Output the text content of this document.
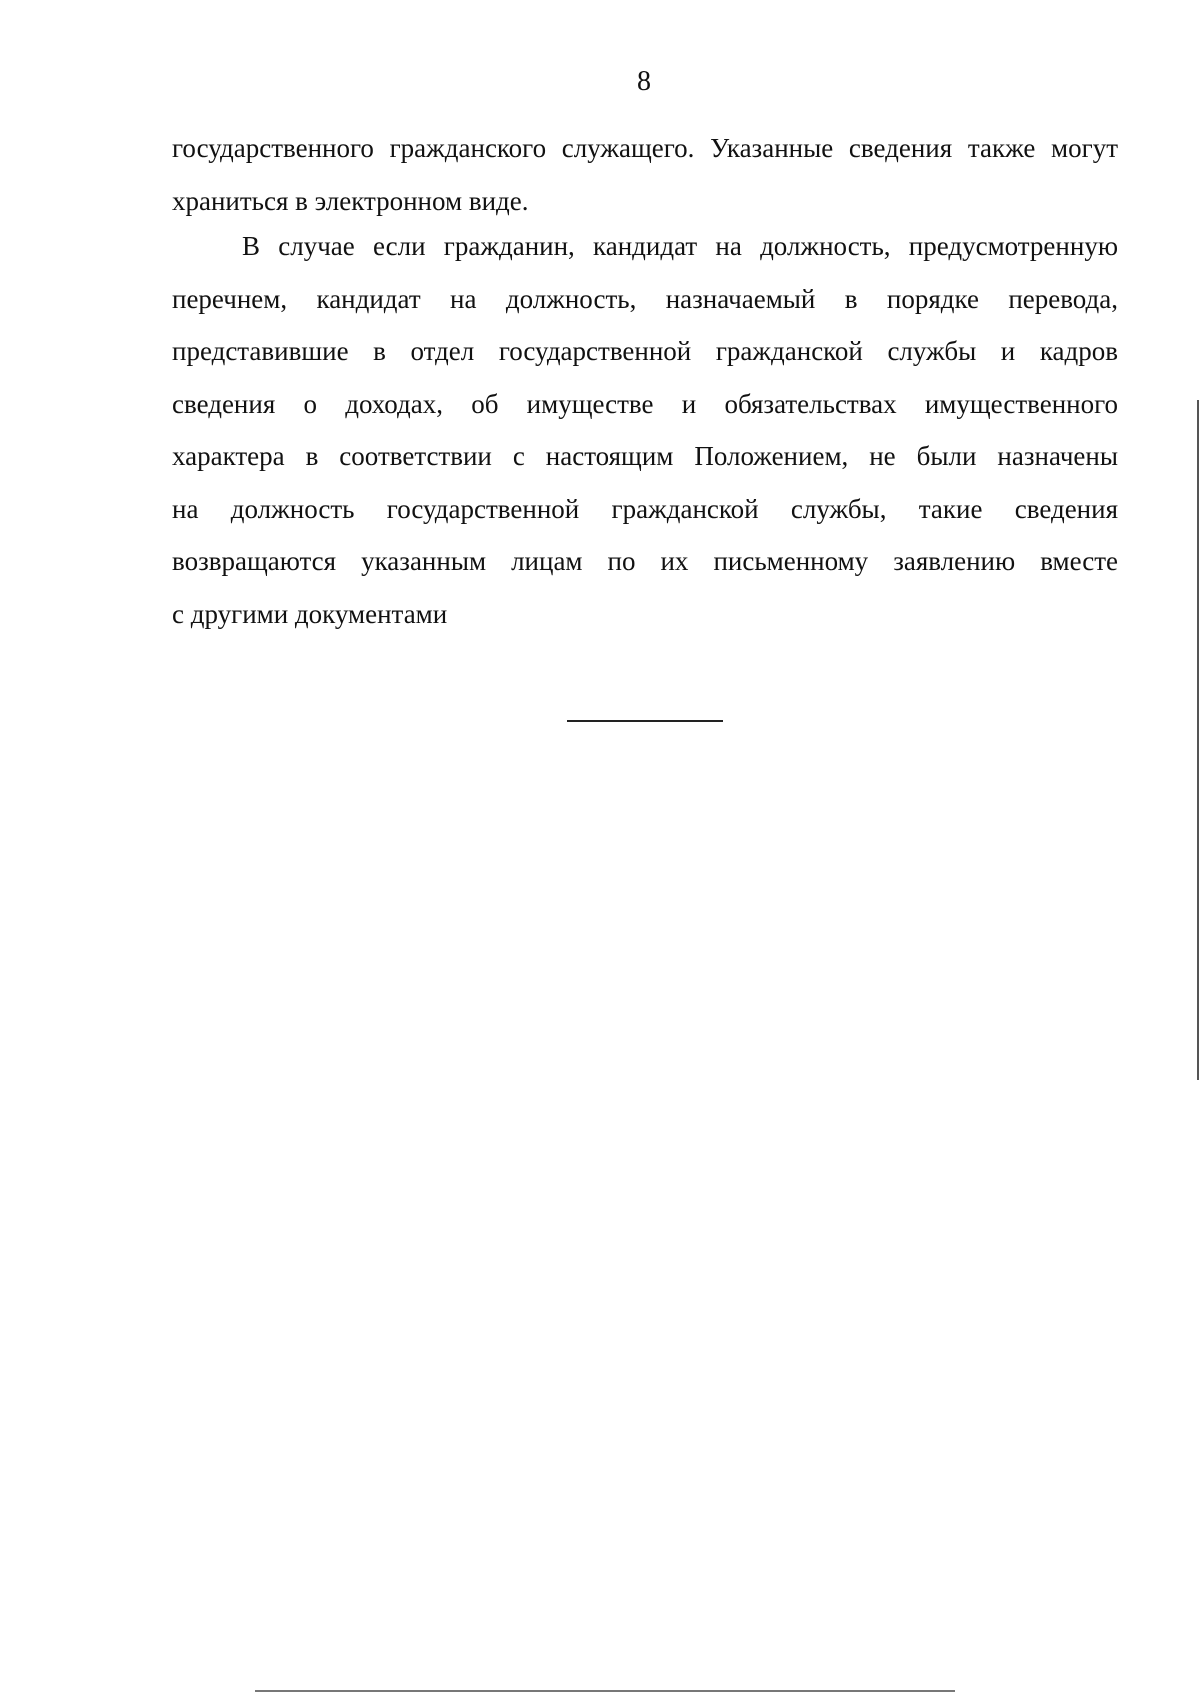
8
государственного гражданского служащего. Указанные сведения также могут
храниться в электронном виде.
В случае если гражданин, кандидат на должность, предусмотренную
перечнем, кандидат на должность, назначаемый в порядке перевода,
представившие в отдел государственной гражданской службы и кадров
сведения о доходах, об имуществе и обязательствах имущественного
характера в соответствии с настоящим Положением, не были назначены
на должность государственной гражданской службы, такие сведения
возвращаются указанным лицам по их письменному заявлению вместе
с другими документами
